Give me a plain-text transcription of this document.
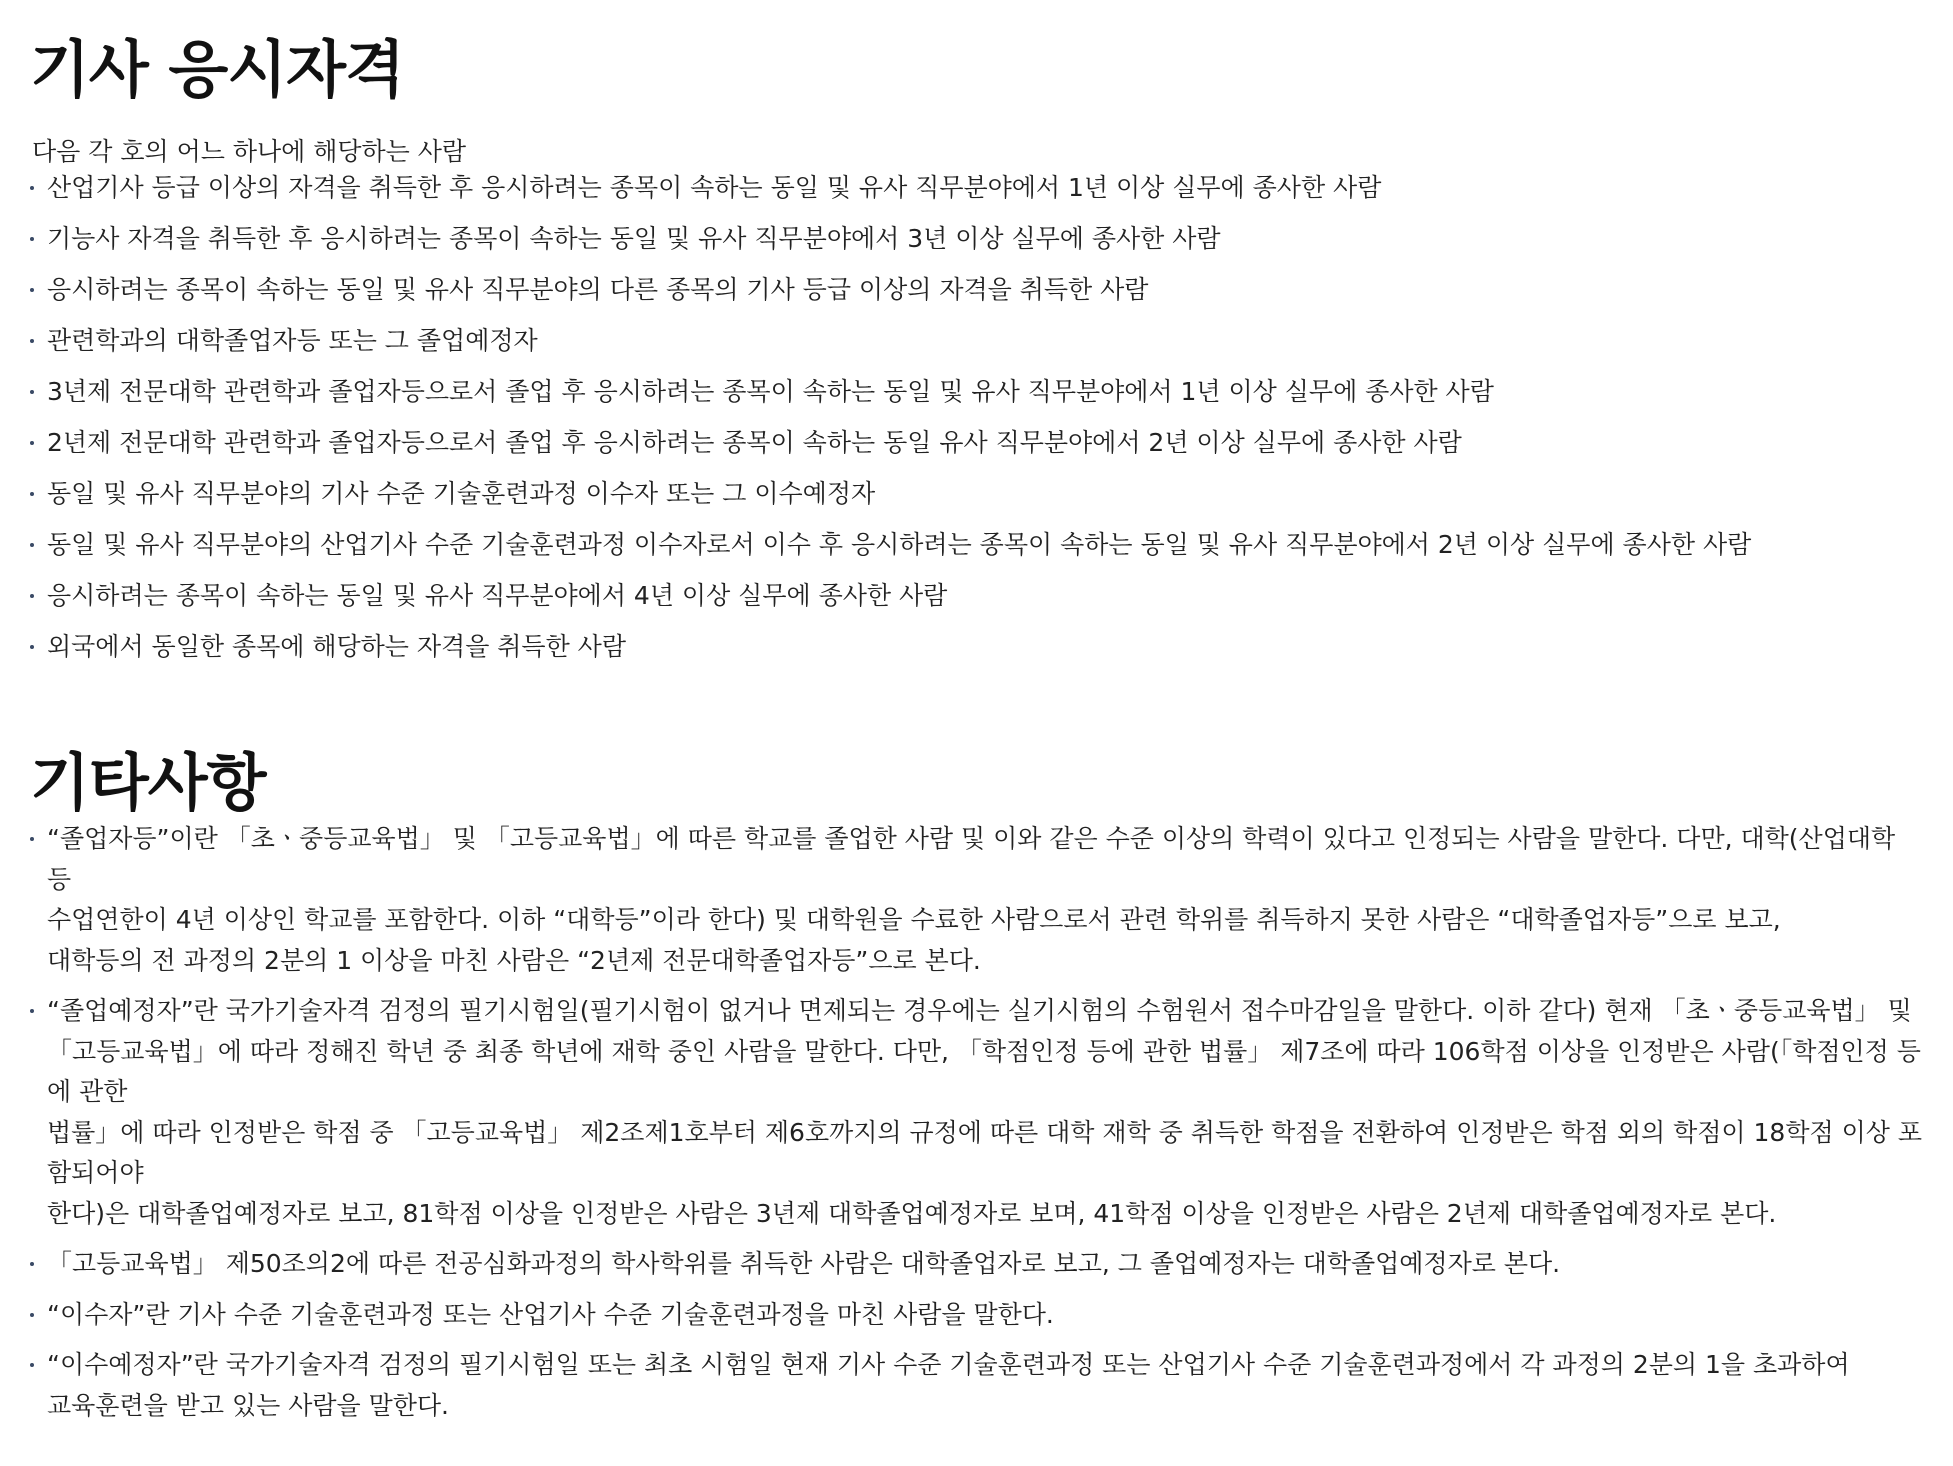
기사 응시자격

다음 각 호의 어느 하나에 해당하는 사람

산업기사 등급 이상의 자격을 취득한 후 응시하려는 종목이 속하는 동일 및 유사 직무분야에서 1년 이상 실무에 종사한 사람
기능사 자격을 취득한 후 응시하려는 종목이 속하는 동일 및 유사 직무분야에서 3년 이상 실무에 종사한 사람
응시하려는 종목이 속하는 동일 및 유사 직무분야의 다른 종목의 기사 등급 이상의 자격을 취득한 사람
관련학과의 대학졸업자등 또는 그 졸업예정자
3년제 전문대학 관련학과 졸업자등으로서 졸업 후 응시하려는 종목이 속하는 동일 및 유사 직무분야에서 1년 이상 실무에 종사한 사람
2년제 전문대학 관련학과 졸업자등으로서 졸업 후 응시하려는 종목이 속하는 동일 유사 직무분야에서 2년 이상 실무에 종사한 사람
동일 및 유사 직무분야의 기사 수준 기술훈련과정 이수자 또는 그 이수예정자
동일 및 유사 직무분야의 산업기사 수준 기술훈련과정 이수자로서 이수 후 응시하려는 종목이 속하는 동일 및 유사 직무분야에서 2년 이상 실무에 종사한 사람
응시하려는 종목이 속하는 동일 및 유사 직무분야에서 4년 이상 실무에 종사한 사람
외국에서 동일한 종목에 해당하는 자격을 취득한 사람
기타사항
“졸업자등”이란 「초ㆍ중등교육법」 및 「고등교육법」에 따른 학교를 졸업한 사람 및 이와 같은 수준 이상의 학력이 있다고 인정되는 사람을 말한다. 다만, 대학(산업대학 등
수업연한이 4년 이상인 학교를 포함한다. 이하 “대학등”이라 한다) 및 대학원을 수료한 사람으로서 관련 학위를 취득하지 못한 사람은 “대학졸업자등”으로 보고,
대학등의 전 과정의 2분의 1 이상을 마친 사람은 “2년제 전문대학졸업자등”으로 본다.
“졸업예정자”란 국가기술자격 검정의 필기시험일(필기시험이 없거나 면제되는 경우에는 실기시험의 수험원서 접수마감일을 말한다. 이하 같다) 현재 「초ㆍ중등교육법」 및
「고등교육법」에 따라 정해진 학년 중 최종 학년에 재학 중인 사람을 말한다. 다만, 「학점인정 등에 관한 법률」 제7조에 따라 106학점 이상을 인정받은 사람(「학점인정 등에 관한
법률」에 따라 인정받은 학점 중 「고등교육법」 제2조제1호부터 제6호까지의 규정에 따른 대학 재학 중 취득한 학점을 전환하여 인정받은 학점 외의 학점이 18학점 이상 포함되어야
한다)은 대학졸업예정자로 보고, 81학점 이상을 인정받은 사람은 3년제 대학졸업예정자로 보며, 41학점 이상을 인정받은 사람은 2년제 대학졸업예정자로 본다.
「고등교육법」 제50조의2에 따른 전공심화과정의 학사학위를 취득한 사람은 대학졸업자로 보고, 그 졸업예정자는 대학졸업예정자로 본다.
“이수자”란 기사 수준 기술훈련과정 또는 산업기사 수준 기술훈련과정을 마친 사람을 말한다.
“이수예정자”란 국가기술자격 검정의 필기시험일 또는 최초 시험일 현재 기사 수준 기술훈련과정 또는 산업기사 수준 기술훈련과정에서 각 과정의 2분의 1을 초과하여
교육훈련을 받고 있는 사람을 말한다.
